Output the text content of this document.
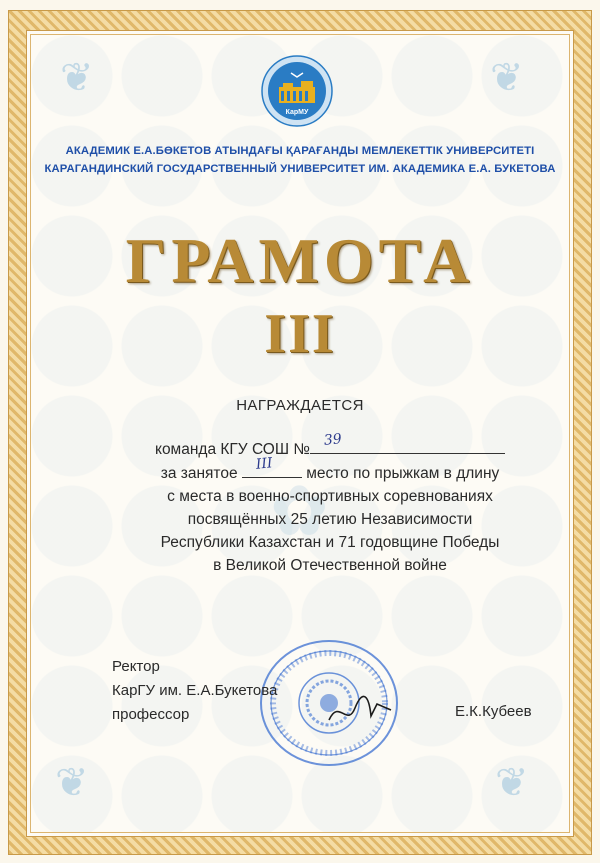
❦	❦
❦	❦
✿
КарМУ
АКАДЕМИК Е.А.БӨКЕТОВ АТЫНДАҒЫ ҚАРАҒАНДЫ МЕМЛЕКЕТТІК УНИВЕРСИТЕТІ
КАРАГАНДИНСКИЙ ГОСУДАРСТВЕННЫЙ УНИВЕРСИТЕТ ИМ. АКАДЕМИКА Е.А. БУКЕТОВА
ГРАМОТА
III
НАГРАЖДАЕТСЯ
команда КГУ СОШ №
39
за занятое
III
место по прыжкам в длину
с места в военно-спортивных соревнованиях
посвящённых 25 летию Независимости
Республики Казахстан и 71 годовщине Победы
в Великой Отечественной войне
Ректор
КарГУ им. Е.А.Букетова
профессор	Е.К.Кубеев
